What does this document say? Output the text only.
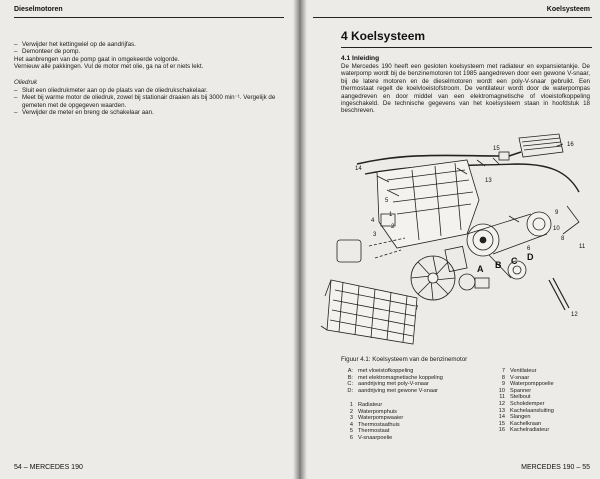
Dieselmotoren
– Verwijder het kettingwiel op de aandrijfas.
– Demonteer de pomp.
Het aanbrengen van de pomp gaat in omgekeerde volgorde.
Vernieuw alle pakkingen. Vul de motor met olie, ga na of er niets lekt.
Oliedruk
– Sluit een oliedrukmeter aan op de plaats van de oliedrukschakelaar.
– Meet bij warme motor de oliedruk, zowel bij stationair draaien als bij 3000 min⁻¹. Vergelijk de gemeten met de opgegeven waarden.
– Verwijder de meter en breng de schakelaar aan.
54 – MERCEDES 190
Koelsysteem
4 Koelsysteem
4.1 Inleiding
De Mercedes 190 heeft een gesloten koelsysteem met radiateur en expansietankje. De waterpomp wordt bij de benzinemotoren tot 1985 aangedreven door een gewone V-snaar, bij de latere motoren en de dieselmotoren wordt een poly-V-snaar gebruikt. Een thermostaat regelt de koelvloeistofstroom. De ventilateur wordt door de waterpompas aangedreven en door middel van een elektromagnetische of vloeistofkoppeling ingeschakeld. De technische gegevens van het koelsysteem staan in hoofdstuk 18 beschreven.
A B C D
1
2
3
4
5
6
7
8
9
10
11
12
13
14
15
16
Figuur 4.1: Koelsysteem van de benzinemotor
A: met vloeistofkoppeling
B: met elektromagnetische koppeling
C: aandrijving met poly-V-snaar
D: aandrijving met gewone V-snaar
1 Radiateur
2 Waterpomphuis
3 Waterpompwaaier
4 Thermostaathuis
5 Thermostaat
6 V-snaarpoelie
7 Ventilateur
8 V-snaar
9 Waterpomppoelie
10 Spanner
11 Stelbout
12 Schokdemper
13 Kachelaansluiting
14 Slangen
15 Kachelkraan
16 Kachelradiateur
MERCEDES 190 – 55
